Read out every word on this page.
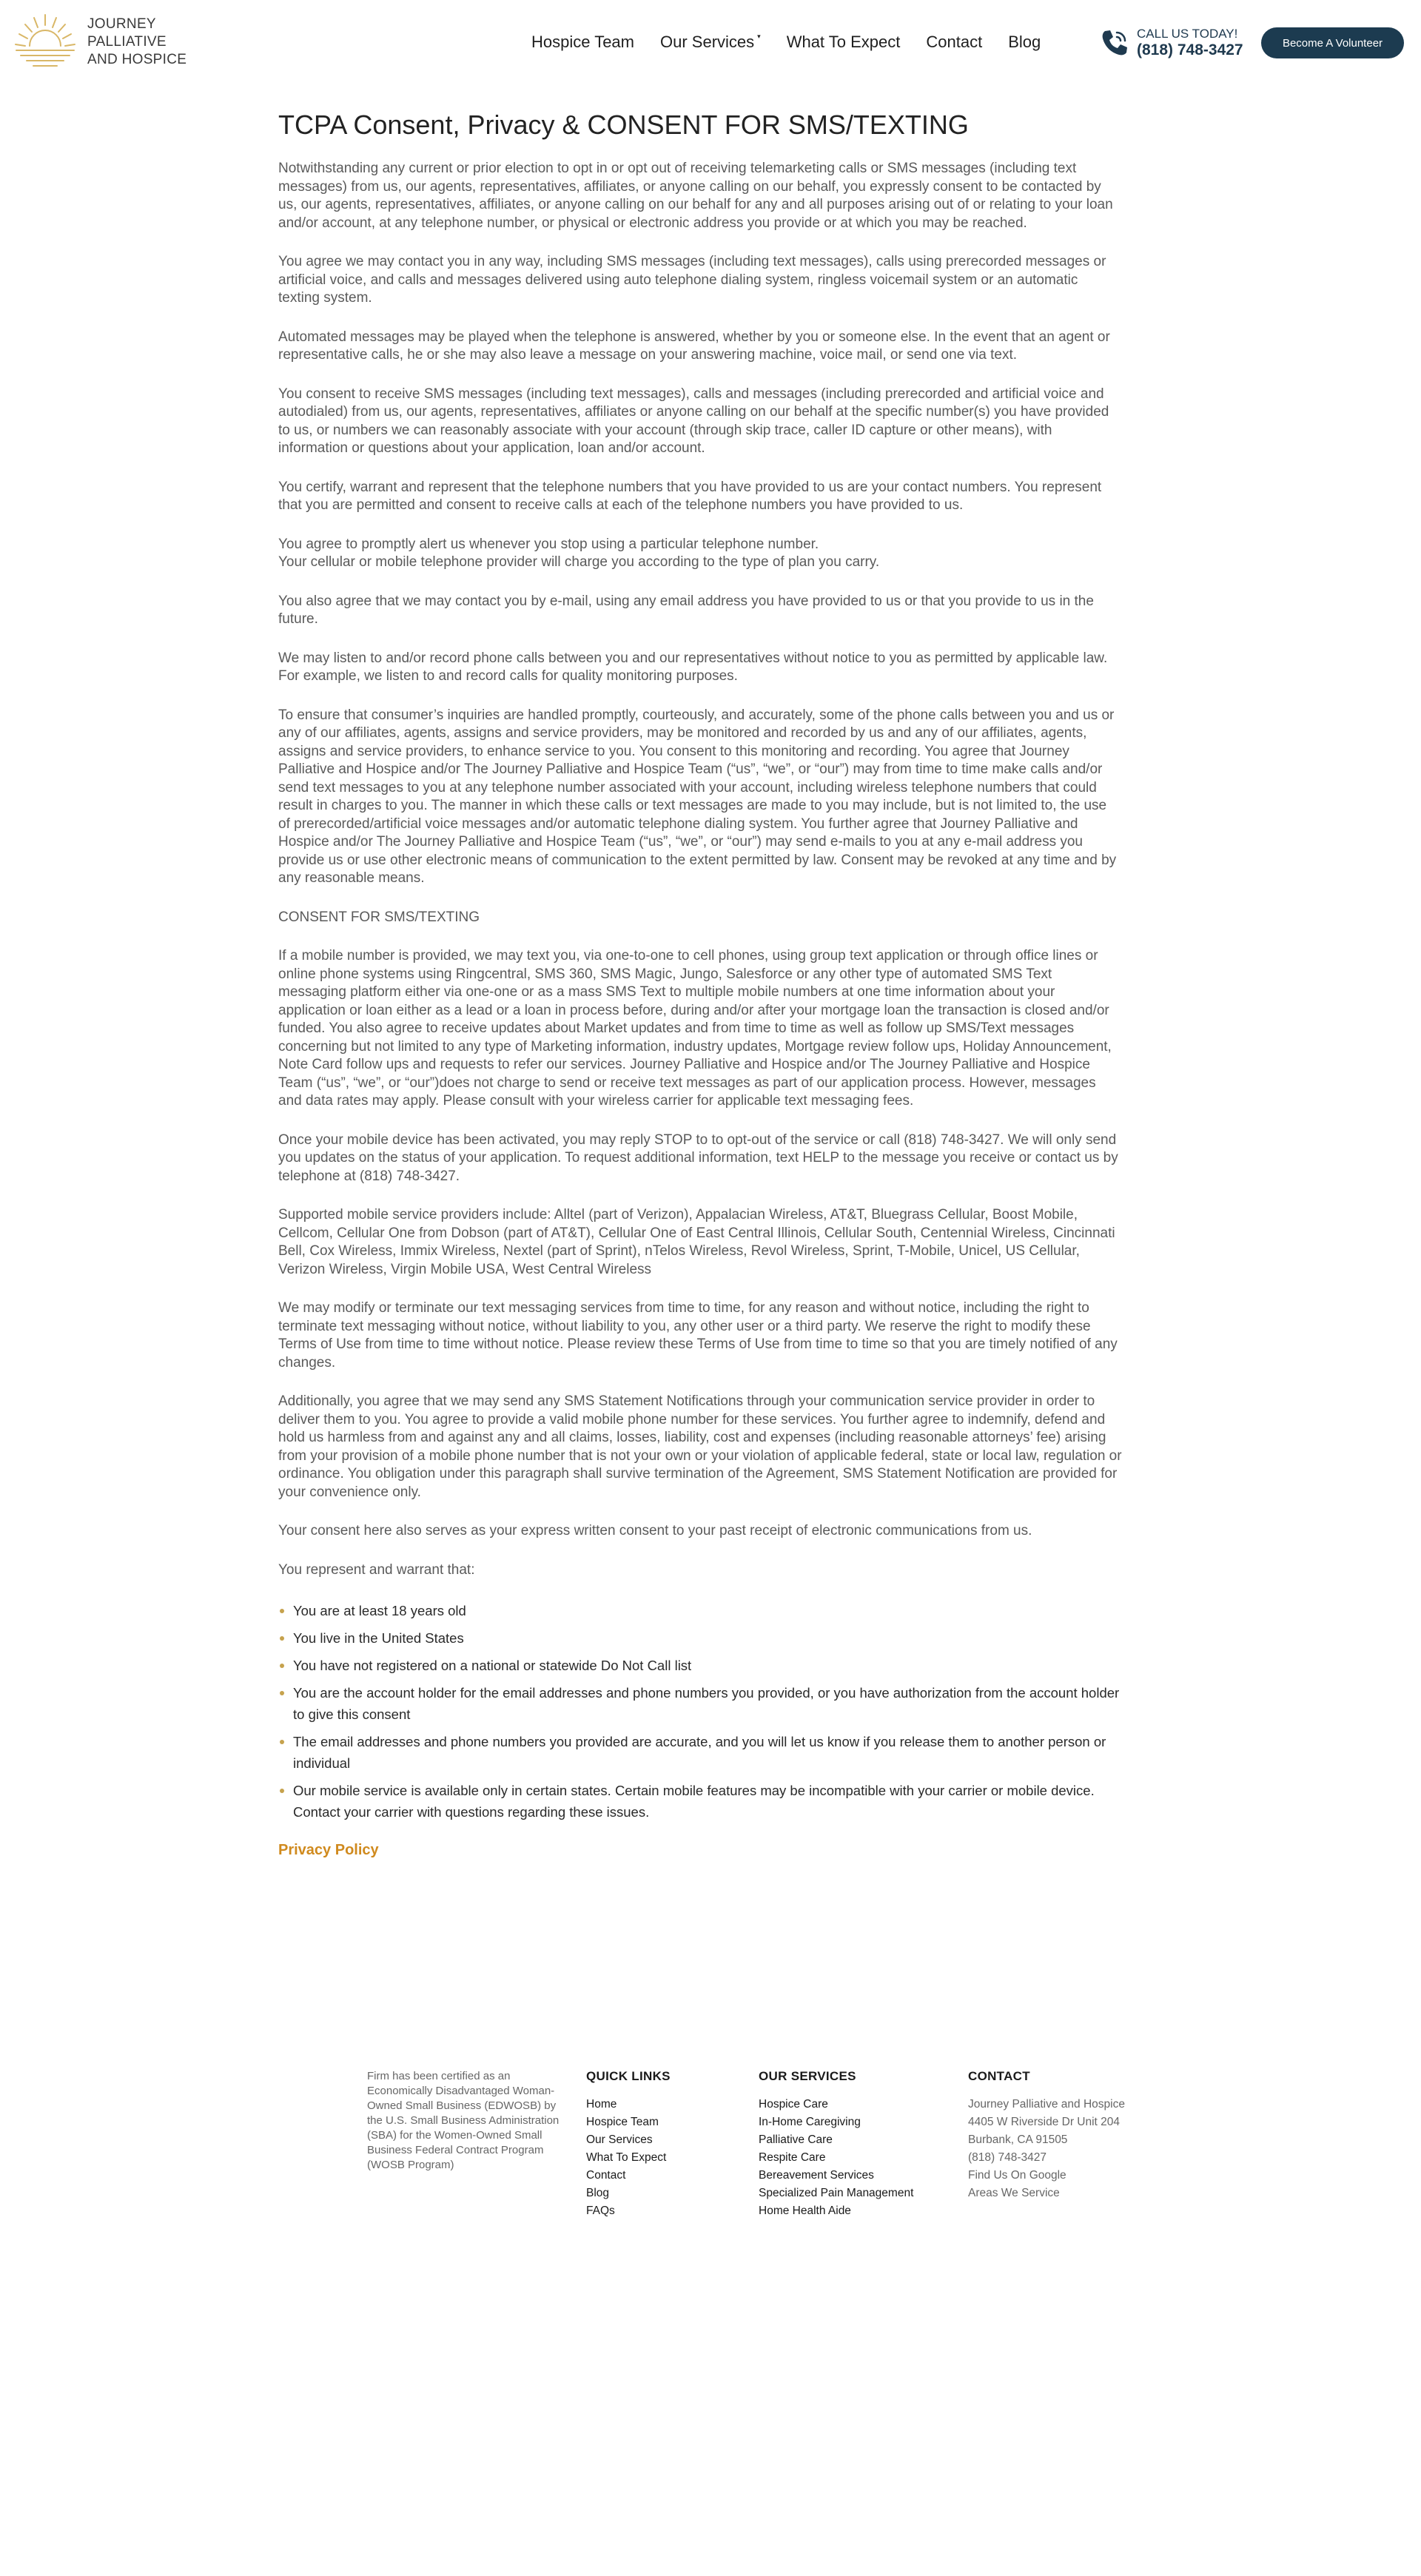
JOURNEY
PALLIATIVE
AND HOSPICE
Hospice Team Our Services ▾ What To Expect Contact Blog	CALL US TODAY!
(818) 748-3427	Become A Volunteer
TCPA Consent, Privacy & CONSENT FOR SMS/TEXTING

Notwithstanding any current or prior election to opt in or opt out of receiving telemarketing calls or SMS messages (including text messages) from us, our agents, representatives, affiliates, or anyone calling on our behalf, you expressly consent to be contacted by us, our agents, representatives, affiliates, or anyone calling on our behalf for any and all purposes arising out of or relating to your loan and/or account, at any telephone number, or physical or electronic address you provide or at which you may be reached.

You agree we may contact you in any way, including SMS messages (including text messages), calls using prerecorded messages or artificial voice, and calls and messages delivered using auto telephone dialing system, ringless voicemail system or an automatic texting system.

Automated messages may be played when the telephone is answered, whether by you or someone else. In the event that an agent or representative calls, he or she may also leave a message on your answering machine, voice mail, or send one via text.

You consent to receive SMS messages (including text messages), calls and messages (including prerecorded and artificial voice and autodialed) from us, our agents, representatives, affiliates or anyone calling on our behalf at the specific number(s) you have provided to us, or numbers we can reasonably associate with your account (through skip trace, caller ID capture or other means), with information or questions about your application, loan and/or account.

You certify, warrant and represent that the telephone numbers that you have provided to us are your contact numbers. You represent that you are permitted and consent to receive calls at each of the telephone numbers you have provided to us.

You agree to promptly alert us whenever you stop using a particular telephone number.
Your cellular or mobile telephone provider will charge you according to the type of plan you carry.

You also agree that we may contact you by e-mail, using any email address you have provided to us or that you provide to us in the future.

We may listen to and/or record phone calls between you and our representatives without notice to you as permitted by applicable law. For example, we listen to and record calls for quality monitoring purposes.

To ensure that consumer’s inquiries are handled promptly, courteously, and accurately, some of the phone calls between you and us or any of our affiliates, agents, assigns and service providers, may be monitored and recorded by us and any of our affiliates, agents, assigns and service providers, to enhance service to you. You consent to this monitoring and recording. You agree that Journey Palliative and Hospice and/or The Journey Palliative and Hospice Team (“us”, “we”, or “our”) may from time to time make calls and/or send text messages to you at any telephone number associated with your account, including wireless telephone numbers that could result in charges to you. The manner in which these calls or text messages are made to you may include, but is not limited to, the use of prerecorded/artificial voice messages and/or automatic telephone dialing system. You further agree that Journey Palliative and Hospice and/or The Journey Palliative and Hospice Team (“us”, “we”, or “our”) may send e-mails to you at any e-mail address you provide us or use other electronic means of communication to the extent permitted by law. Consent may be revoked at any time and by any reasonable means.

CONSENT FOR SMS/TEXTING

If a mobile number is provided, we may text you, via one-to-one to cell phones, using group text application or through office lines or online phone systems using Ringcentral, SMS 360, SMS Magic, Jungo, Salesforce or any other type of automated SMS Text messaging platform either via one-one or as a mass SMS Text to multiple mobile numbers at one time information about your application or loan either as a lead or a loan in process before, during and/or after your mortgage loan the transaction is closed and/or funded. You also agree to receive updates about Market updates and from time to time as well as follow up SMS/Text messages concerning but not limited to any type of Marketing information, industry updates, Mortgage review follow ups, Holiday Announcement, Note Card follow ups and requests to refer our services. Journey Palliative and Hospice and/or The Journey Palliative and Hospice Team (“us”, “we”, or “our”)does not charge to send or receive text messages as part of our application process. However, messages and data rates may apply. Please consult with your wireless carrier for applicable text messaging fees.

Once your mobile device has been activated, you may reply STOP to to opt-out of the service or call (818) 748-3427. We will only send you updates on the status of your application. To request additional information, text HELP to the message you receive or contact us by telephone at (818) 748-3427.

Supported mobile service providers include: Alltel (part of Verizon), Appalacian Wireless, AT&T, Bluegrass Cellular, Boost Mobile, Cellcom, Cellular One from Dobson (part of AT&T), Cellular One of East Central Illinois, Cellular South, Centennial Wireless, Cincinnati Bell, Cox Wireless, Immix Wireless, Nextel (part of Sprint), nTelos Wireless, Revol Wireless, Sprint, T-Mobile, Unicel, US Cellular, Verizon Wireless, Virgin Mobile USA, West Central Wireless

We may modify or terminate our text messaging services from time to time, for any reason and without notice, including the right to terminate text messaging without notice, without liability to you, any other user or a third party. We reserve the right to modify these Terms of Use from time to time without notice. Please review these Terms of Use from time to time so that you are timely notified of any changes.

Additionally, you agree that we may send any SMS Statement Notifications through your communication service provider in order to deliver them to you. You agree to provide a valid mobile phone number for these services. You further agree to indemnify, defend and hold us harmless from and against any and all claims, losses, liability, cost and expenses (including reasonable attorneys’ fee) arising from your provision of a mobile phone number that is not your own or your violation of applicable federal, state or local law, regulation or ordinance. You obligation under this paragraph shall survive termination of the Agreement, SMS Statement Notification are provided for your convenience only.

Your consent here also serves as your express written consent to your past receipt of electronic communications from us.

You represent and warrant that:

You are at least 18 years old
You live in the United States
You have not registered on a national or statewide Do Not Call list
You are the account holder for the email addresses and phone numbers you provided, or you have authorization from the account holder to give this consent
The email addresses and phone numbers you provided are accurate, and you will let us know if you release them to another person or individual
Our mobile service is available only in certain states. Certain mobile features may be incompatible with your carrier or mobile device. Contact your carrier with questions regarding these issues.
Privacy Policy
Firm has been certified as an Economically Disadvantaged Woman-Owned Small Business (EDWOSB) by the U.S. Small Business Administration (SBA) for the Women-Owned Small Business Federal Contract Program (WOSB Program)
QUICK LINKS
Home
Hospice Team
Our Services
What To Expect
Contact
Blog
FAQs
OUR SERVICES
Hospice Care
In-Home Caregiving
Palliative Care
Respite Care
Bereavement Services
Specialized Pain Management
Home Health Aide
CONTACT
Journey Palliative and Hospice
4405 W Riverside Dr Unit 204
Burbank, CA 91505
(818) 748-3427
Find Us On Google
Areas We Service
